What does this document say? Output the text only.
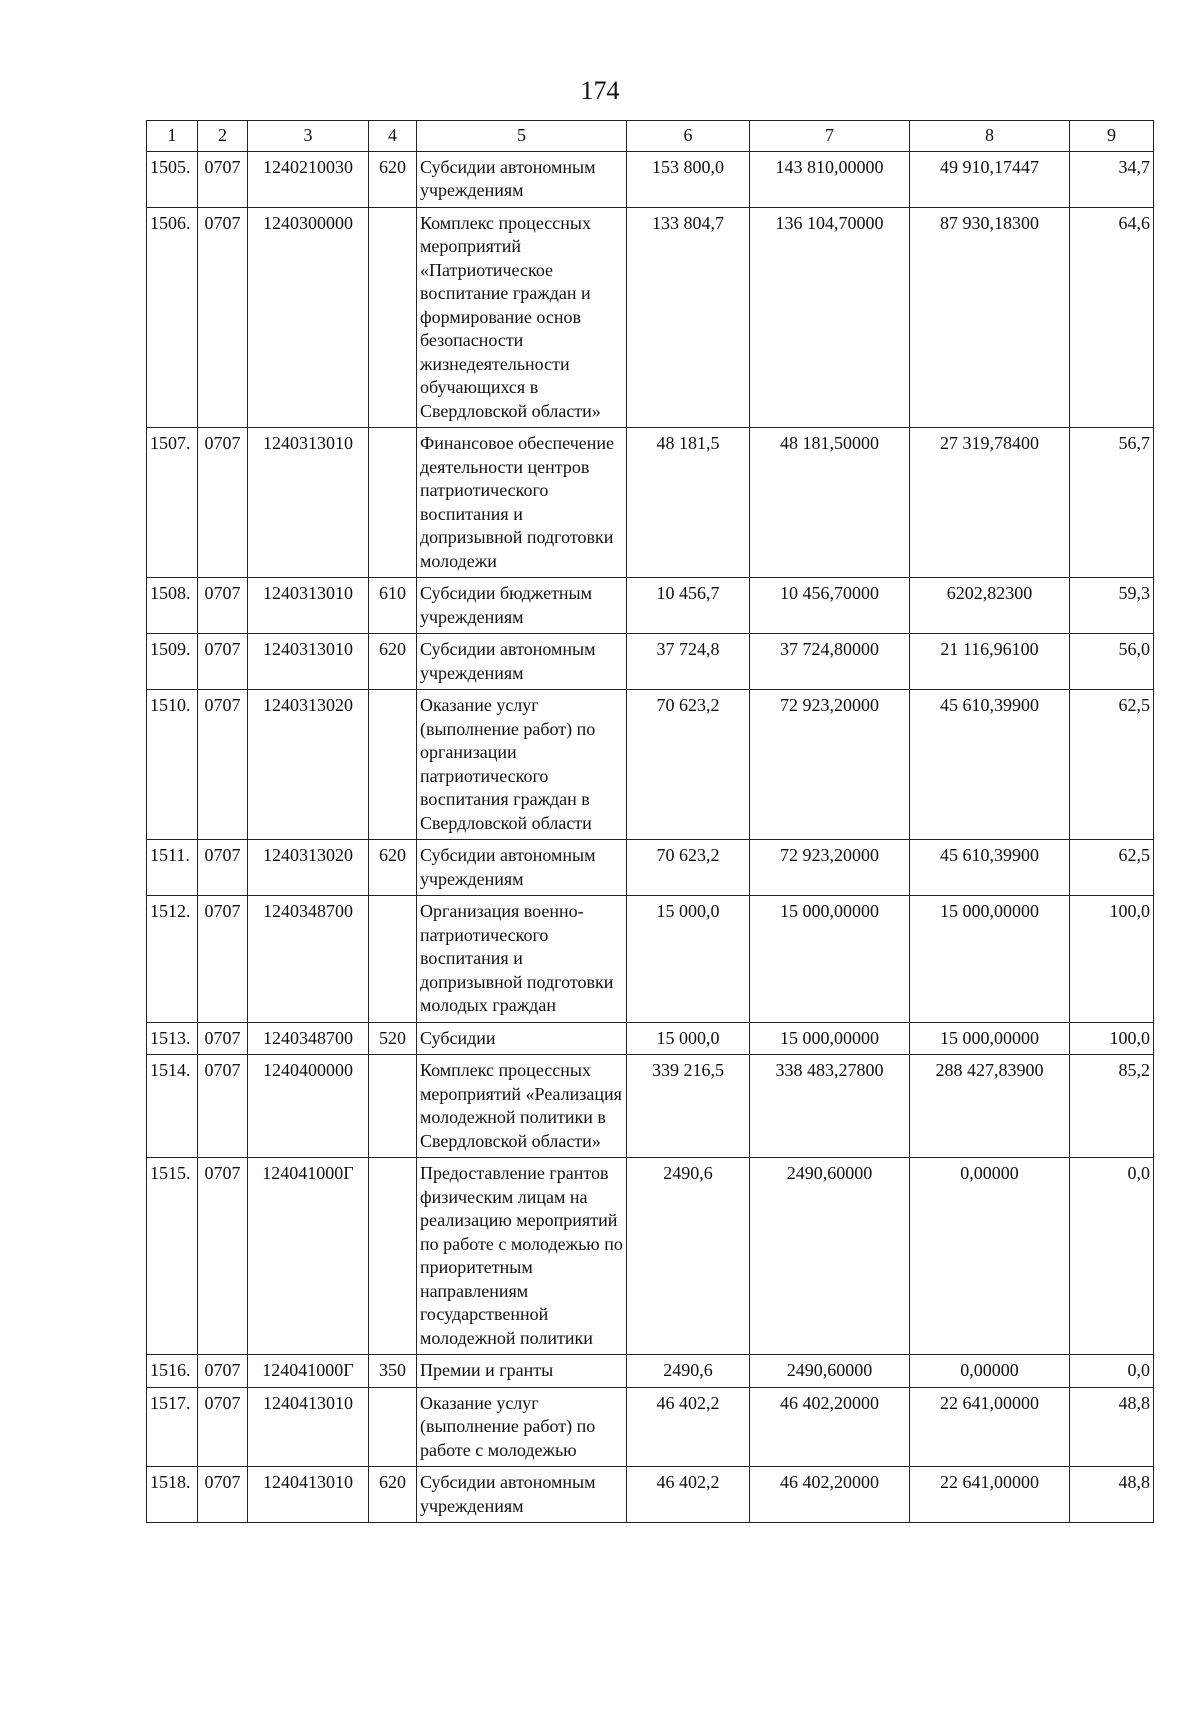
174
1	2	3	4	5	6	7	8	9
1505.	0707	1240210030	620	Субсидии автономным учреждениям	153 800,0	143 810,00000	49 910,17447	34,7
1506.	0707	1240300000		Комплекс процессных мероприятий «Патриотическое воспитание граждан и формирование основ безопасности жизнедеятельности обучающихся в Свердловской области»	133 804,7	136 104,70000	87 930,18300	64,6
1507.	0707	1240313010		Финансовое обеспечение деятельности центров патриотического воспитания и допризывной подготовки молодежи	48 181,5	48 181,50000	27 319,78400	56,7
1508.	0707	1240313010	610	Субсидии бюджетным учреждениям	10 456,7	10 456,70000	6202,82300	59,3
1509.	0707	1240313010	620	Субсидии автономным учреждениям	37 724,8	37 724,80000	21 116,96100	56,0
1510.	0707	1240313020		Оказание услуг (выполнение работ) по организации патриотического воспитания граждан в Свердловской области	70 623,2	72 923,20000	45 610,39900	62,5
1511.	0707	1240313020	620	Субсидии автономным учреждениям	70 623,2	72 923,20000	45 610,39900	62,5
1512.	0707	1240348700		Организация военно-патриотического воспитания и допризывной подготовки молодых граждан	15 000,0	15 000,00000	15 000,00000	100,0
1513.	0707	1240348700	520	Субсидии	15 000,0	15 000,00000	15 000,00000	100,0
1514.	0707	1240400000		Комплекс процессных мероприятий «Реализация молодежной политики в Свердловской области»	339 216,5	338 483,27800	288 427,83900	85,2
1515.	0707	124041000Г		Предоставление грантов физическим лицам на реализацию мероприятий по работе с молодежью по приоритетным направлениям государственной молодежной политики	2490,6	2490,60000	0,00000	0,0
1516.	0707	124041000Г	350	Премии и гранты	2490,6	2490,60000	0,00000	0,0
1517.	0707	1240413010		Оказание услуг (выполнение работ) по работе с молодежью	46 402,2	46 402,20000	22 641,00000	48,8
1518.	0707	1240413010	620	Субсидии автономным учреждениям	46 402,2	46 402,20000	22 641,00000	48,8
